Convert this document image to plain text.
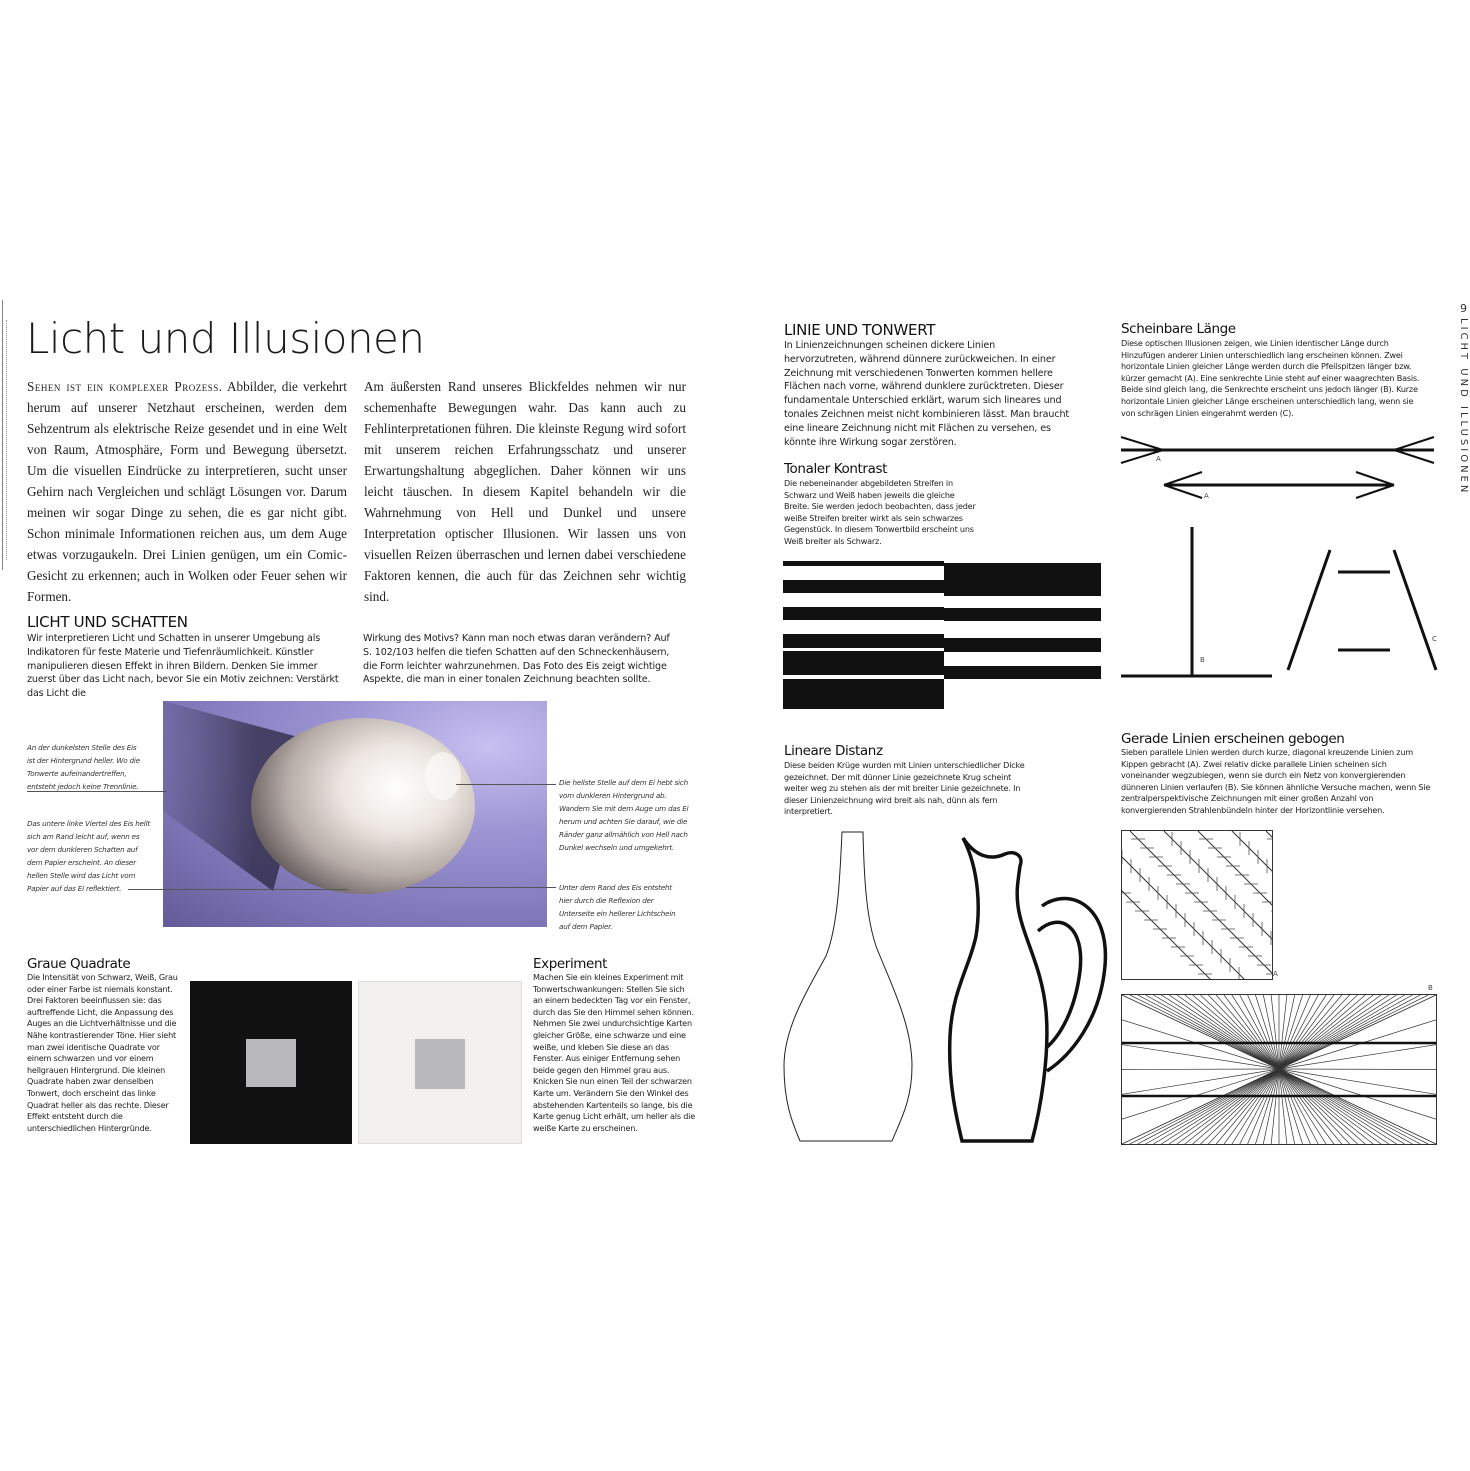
9
LICHT UND ILLUSIONEN
Licht und Illusionen
Sehen ist ein komplexer Prozess. Abbilder, die verkehrt herum auf unserer Netzhaut erscheinen, werden dem Sehzentrum als elektrische Reize gesendet und in eine Welt von Raum, Atmosphäre, Form und Bewegung übersetzt. Um die visuellen Eindrücke zu interpretieren, sucht unser Gehirn nach Vergleichen und schlägt Lösungen vor. Darum meinen wir sogar Dinge zu sehen, die es gar nicht gibt. Schon minimale Informationen reichen aus, um dem Auge etwas vorzugaukeln. Drei Linien genügen, um ein Comic-Gesicht zu erkennen; auch in Wolken oder Feuer sehen wir Formen.
Am äußersten Rand unseres Blickfeldes nehmen wir nur schemenhafte Bewegungen wahr. Das kann auch zu Fehlinterpretationen führen. Die kleinste Regung wird sofort mit unserem reichen Erfahrungsschatz und unserer Erwartungshaltung abgeglichen. Daher können wir uns leicht täuschen. In diesem Kapitel behandeln wir die Wahrnehmung von Hell und Dunkel und unsere Interpretation optischer Illusionen. Wir lassen uns von visuellen Reizen überraschen und lernen dabei verschiedene Faktoren kennen, die auch für das Zeichnen sehr wichtig sind.
LICHT UND SCHATTEN
Wir interpretieren Licht und Schatten in unserer Umgebung als Indikatoren für feste Materie und Tiefenräumlichkeit. Künstler manipulieren diesen Effekt in ihren Bildern. Denken Sie immer zuerst über das Licht nach, bevor Sie ein Motiv zeichnen: Verstärkt das Licht die
Wirkung des Motivs? Kann man noch etwas daran verändern? Auf S. 102/103 helfen die tiefen Schatten auf den Schneckenhäusern, die Form leichter wahrzunehmen. Das Foto des Eis zeigt wichtige Aspekte, die man in einer tonalen Zeichnung beachten sollte.
An der dunkelsten Stelle des Eis ist der Hintergrund heller. Wo die Tonwerte aufeinandertreffen, entsteht jedoch keine Trennlinie.
Das untere linke Viertel des Eis hellt sich am Rand leicht auf, wenn es vor dem dunkleren Schatten auf dem Papier erscheint. An dieser hellen Stelle wird das Licht vom Papier auf das Ei reflektiert.
Die hellste Stelle auf dem Ei hebt sich vom dunkleren Hintergrund ab. Wandern Sie mit dem Auge um das Ei herum und achten Sie darauf, wie die Ränder ganz allmählich von Hell nach Dunkel wechseln und umgekehrt.
Unter dem Rand des Eis entsteht hier durch die Reflexion der Unterseite ein hellerer Lichtschein auf dem Papier.
Graue Quadrate
Die Intensität von Schwarz, Weiß, Grau oder einer Farbe ist niemals konstant. Drei Faktoren beeinflussen sie: das auftreffende Licht, die Anpassung des Auges an die Lichtverhältnisse und die Nähe kontrastierender Töne. Hier sieht man zwei identische Quadrate vor einem schwarzen und vor einem hellgrauen Hintergrund. Die kleinen Quadrate haben zwar denselben Tonwert, doch erscheint das linke Quadrat heller als das rechte. Dieser Effekt entsteht durch die unterschiedlichen Hintergründe.
Experiment
Machen Sie ein kleines Experiment mit Tonwertschwankungen: Stellen Sie sich an einem bedeckten Tag vor ein Fenster, durch das Sie den Himmel sehen können. Nehmen Sie zwei undurchsichtige Karten gleicher Größe, eine schwarze und eine weiße, und kleben Sie diese an das Fenster. Aus einiger Entfernung sehen beide gegen den Himmel grau aus. Knicken Sie nun einen Teil der schwarzen Karte um. Verändern Sie den Winkel des abstehenden Kartenteils so lange, bis die Karte genug Licht erhält, um heller als die weiße Karte zu erscheinen.
LINIE UND TONWERT
In Linienzeichnungen scheinen dickere Linien hervorzutreten, während dünnere zurückweichen. In einer Zeichnung mit verschiedenen Tonwerten kommen hellere Flächen nach vorne, während dunklere zurücktreten. Dieser fundamentale Unterschied erklärt, warum sich lineares und tonales Zeichnen meist nicht kombinieren lässt. Man braucht eine lineare Zeichnung nicht mit Flächen zu versehen, es könnte ihre Wirkung sogar zerstören.
Tonaler Kontrast
Die nebeneinander abgebildeten Streifen in Schwarz und Weiß haben jeweils die gleiche Breite. Sie werden jedoch beobachten, dass jeder weiße Streifen breiter wirkt als sein schwarzes Gegenstück. In diesem Tonwertbild erscheint uns Weiß breiter als Schwarz.
Lineare Distanz
Diese beiden Krüge wurden mit Linien unterschiedlicher Dicke gezeichnet. Der mit dünner Linie gezeichnete Krug scheint weiter weg zu stehen als der mit breiter Linie gezeichnete. In dieser Linienzeichnung wird breit als nah, dünn als fern interpretiert.
Scheinbare Länge
Diese optischen Illusionen zeigen, wie Linien identischer Länge durch Hinzufügen anderer Linien unterschiedlich lang erscheinen können. Zwei horizontale Linien gleicher Länge werden durch die Pfeilspitzen länger bzw. kürzer gemacht (A). Eine senkrechte Linie steht auf einer waagrechten Basis. Beide sind gleich lang, die Senkrechte erscheint uns jedoch länger (B). Kurze horizontale Linien gleicher Länge erscheinen unterschiedlich lang, wenn sie von schrägen Linien eingerahmt werden (C).
A
A
B
C
Gerade Linien erscheinen gebogen
Sieben parallele Linien werden durch kurze, diagonal kreuzende Linien zum Kippen gebracht (A). Zwei relativ dicke parallele Linien scheinen sich voneinander wegzubiegen, wenn sie durch ein Netz von konvergierenden dünneren Linien verlaufen (B). Sie können ähnliche Versuche machen, wenn Sie zentralperspektivische Zeichnungen mit einer großen Anzahl von konvergierenden Strahlenbündeln hinter der Horizontlinie versehen.
A
B
